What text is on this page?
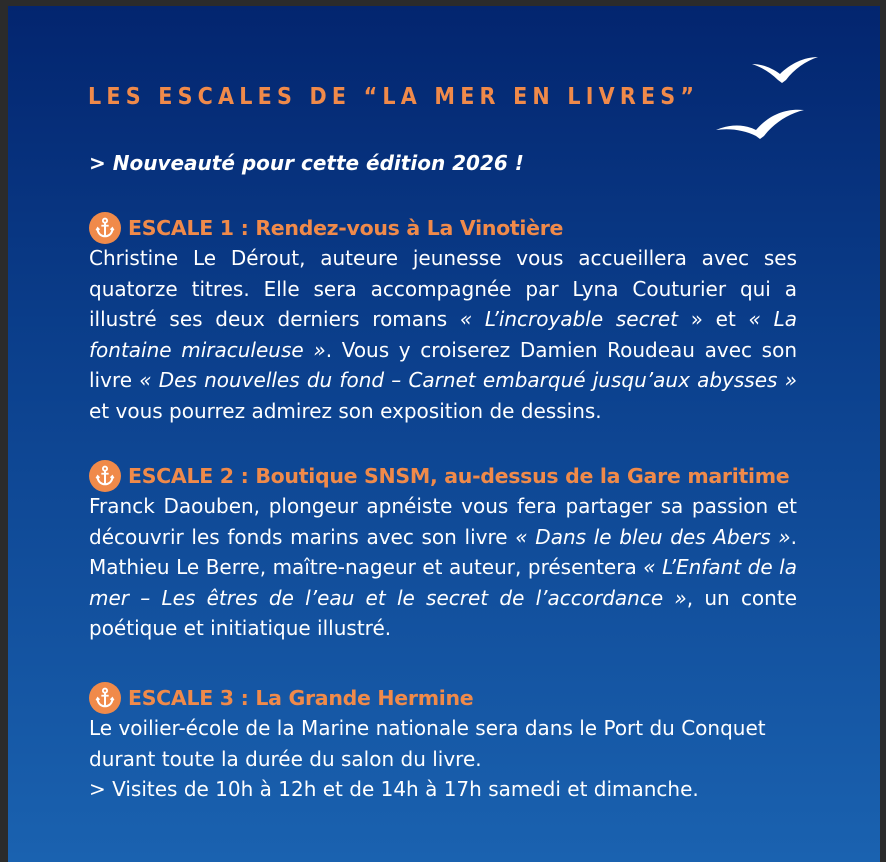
LES ESCALES DE “LA MER EN LIVRES”
> Nouveauté pour cette édition 2026 !
ESCALE 1 : Rendez-vous à La Vinotière

Christine Le Dérout, auteure jeunesse vous accueillera avec ses quatorze titres. Elle sera accompagnée par Lyna Couturier qui a illustré ses deux derniers romans « L’incroyable secret » et « La fontaine miraculeuse ». Vous y croiserez Damien Roudeau avec son livre « Des nouvelles du fond – Carnet embarqué jusqu’aux abysses » et vous pourrez admirez son exposition de dessins.

ESCALE 2 : Boutique SNSM, au-dessus de la Gare maritime

Franck Daouben, plongeur apnéiste vous fera partager sa passion et découvrir les fonds marins avec son livre « Dans le bleu des Abers ». Mathieu Le Berre, maître-nageur et auteur, présentera « L’Enfant de la mer – Les êtres de l’eau et le secret de l’accordance », un conte poétique et initiatique illustré.

ESCALE 3 : La Grande Hermine

Le voilier-école de la Marine nationale sera dans le Port du Conquet durant toute la durée du salon du livre.

> Visites de 10h à 12h et de 14h à 17h samedi et dimanche.
